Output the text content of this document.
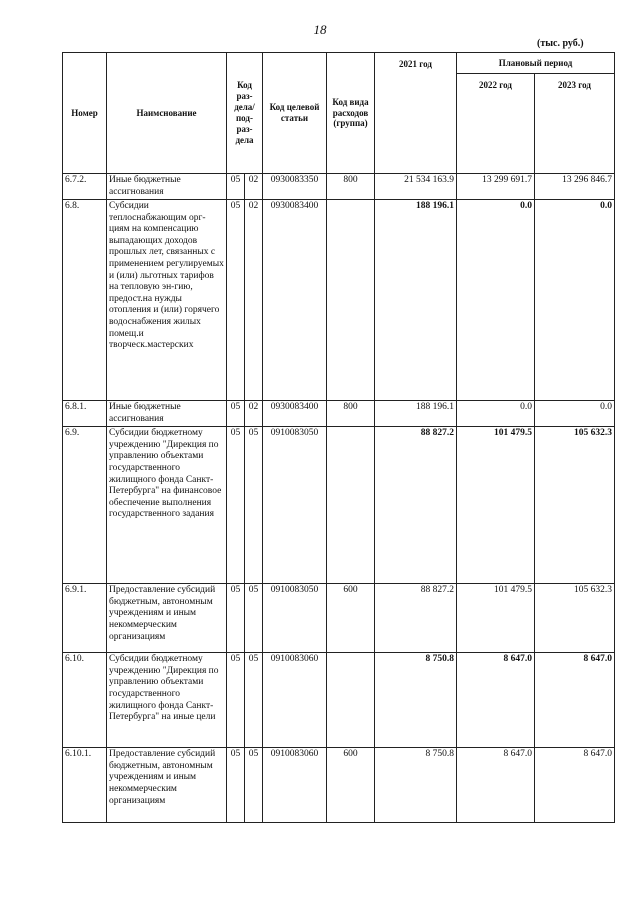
18
(тыс. руб.)
Номер	Наимснование	Код раз-дела/ под-раз-дела		Код целевой статьи	Код вида расходов (группа)	2021 год	Плановый период	
							2022 год	2023 год
6.7.2.	Иные бюджетные ассигнования	05	02	0930083350	800	21 534 163.9	13 299 691.7	13 296 846.7
6.8.	Субсидии теплоснабжающим орг-циям на компенсацию выпадающих доходов прошлых лет, связанных с применением регулируемых и (или) льготных тарифов на тепловую эн-гию, предост.на нужды отопления и (или) горячего водоснабжения жилых помещ.и творческ.мастерских	05	02	0930083400		188 196.1	0.0	0.0
6.8.1.	Иные бюджетные ассигнования	05	02	0930083400	800	188 196.1	0.0	0.0
6.9.	Субсидии бюджетному учреждению "Дирекция по управлению объектами государственного жилищного фонда Санкт-Петербурга" на финансовое обеспечение выполнения государственного задания	05	05	0910083050		88 827.2	101 479.5	105 632.3
6.9.1.	Предоставление субсидий бюджетным, автономным учреждениям и иным некоммерческим организациям	05	05	0910083050	600	88 827.2	101 479.5	105 632.3
6.10.	Субсидии бюджетному учреждению "Дирекция по управлению объектами государственного жилищного фонда Санкт-Петербурга" на иные цели	05	05	0910083060		8 750.8	8 647.0	8 647.0
6.10.1.	Предоставление субсидий бюджетным, автономным учреждениям и иным некоммерческим организациям	05	05	0910083060	600	8 750.8	8 647.0	8 647.0
